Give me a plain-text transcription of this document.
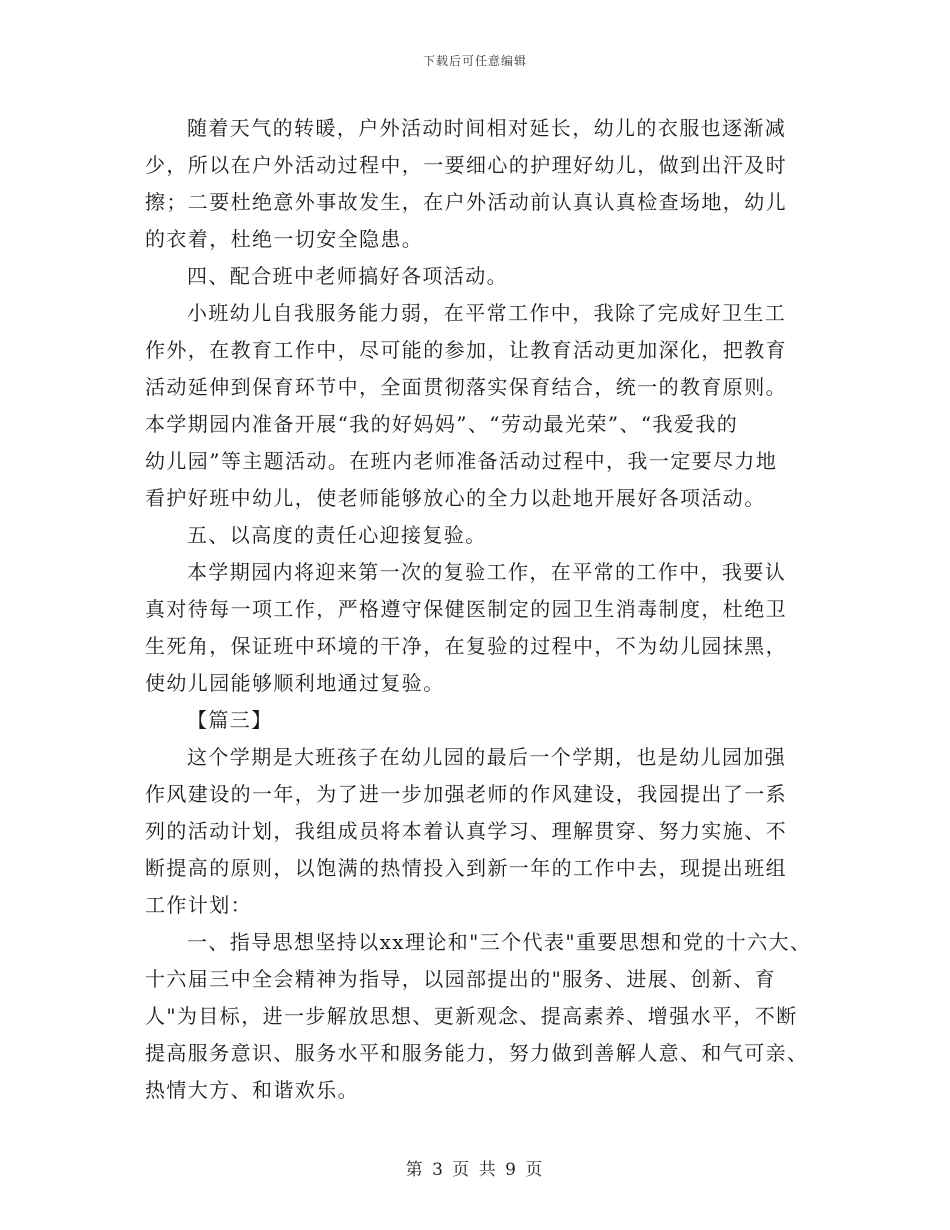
下载后可任意编辑
随着天气的转暖，户外活动时间相对延长，幼儿的衣服也逐渐减
少，所以在户外活动过程中，一要细心的护理好幼儿，做到出汗及时
擦；二要杜绝意外事故发生，在户外活动前认真认真检查场地，幼儿
的衣着，杜绝一切安全隐患。
四、配合班中老师搞好各项活动。
小班幼儿自我服务能力弱，在平常工作中，我除了完成好卫生工
作外，在教育工作中，尽可能的参加，让教育活动更加深化，把教育
活动延伸到保育环节中，全面贯彻落实保育结合，统一的教育原则。
本学期园内准备开展“我的好妈妈”、“劳动最光荣”、“我爱我的
幼儿园”等主题活动。在班内老师准备活动过程中，我一定要尽力地
看护好班中幼儿，使老师能够放心的全力以赴地开展好各项活动。
五、以高度的责任心迎接复验。
本学期园内将迎来第一次的复验工作，在平常的工作中，我要认
真对待每一项工作，严格遵守保健医制定的园卫生消毒制度，杜绝卫
生死角，保证班中环境的干净，在复验的过程中，不为幼儿园抹黑，
使幼儿园能够顺利地通过复验。
【篇三】
这个学期是大班孩子在幼儿园的最后一个学期，也是幼儿园加强
作风建设的一年，为了进一步加强老师的作风建设，我园提出了一系
列的活动计划，我组成员将本着认真学习、理解贯穿、努力实施、不
断提高的原则，以饱满的热情投入到新一年的工作中去，现提出班组
工作计划：
一、指导思想坚持以xx理论和"三个代表"重要思想和党的十六大、
十六届三中全会精神为指导，以园部提出的"服务、进展、创新、育
人"为目标，进一步解放思想、更新观念、提高素养、增强水平，不断
提高服务意识、服务水平和服务能力，努力做到善解人意、和气可亲、
热情大方、和谐欢乐。
第 3 页 共 9 页
